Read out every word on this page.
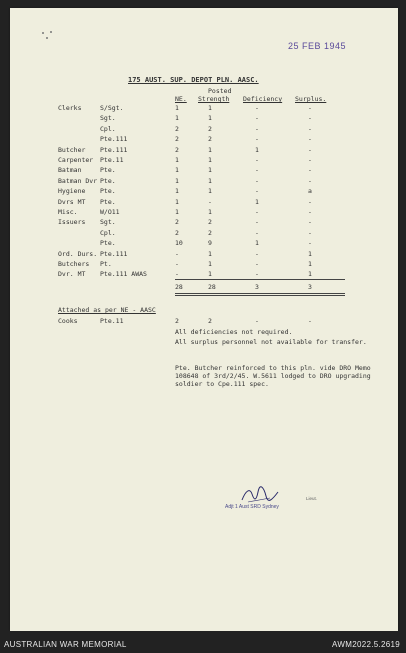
25 FEB 1945
175 AUST. SUP. DEPOT PLN. AASC.
Posted
NE. Strength Deficiency Surplus.
Clerks	S/Sgt.	1	1	-	-
Sgt.	1	1	-	-
Cpl.	2	2	-	-
Pte.111	2	2	-	-
Butcher Pte.111	2	1	1	-
Carpenter Pte.11	1	1	-	-
Batman	Pte.	1	1	-	-
Batman Dvr Pte.	1	1	-	-
Hygiene Pte.	1	1	-	a
Dvrs MT Pte.	1	-	1	-
Misc.	W/O11	1	1	-	-
Issuers Sgt.	2	2	-	-
Cpl.	2	2	-	-
Pte.	10	9	1	-
Ord. Durs. Pte.111	-	1	-	1
Butchers Pt.	-	1	-	1
Dvr. MT Pte.111 AWAS	-	1	-	1
28	28	3	3
Attached as per NE - AASC
Cooks	Pte.11	2	2	-	-
All deficiencies not required.
All surplus personnel not available for transfer.
Pte. Butcher reinforced to this pln. vide DRO Memo 108648 of 3rd/2/45. W.5611 lodged to DRO upgrading soldier to Cpe.111 spec.
Lieut.
Adjt 1 Aust SRD Sydney
AUSTRALIAN WAR MEMORIAL	AWM2022.5.2619
